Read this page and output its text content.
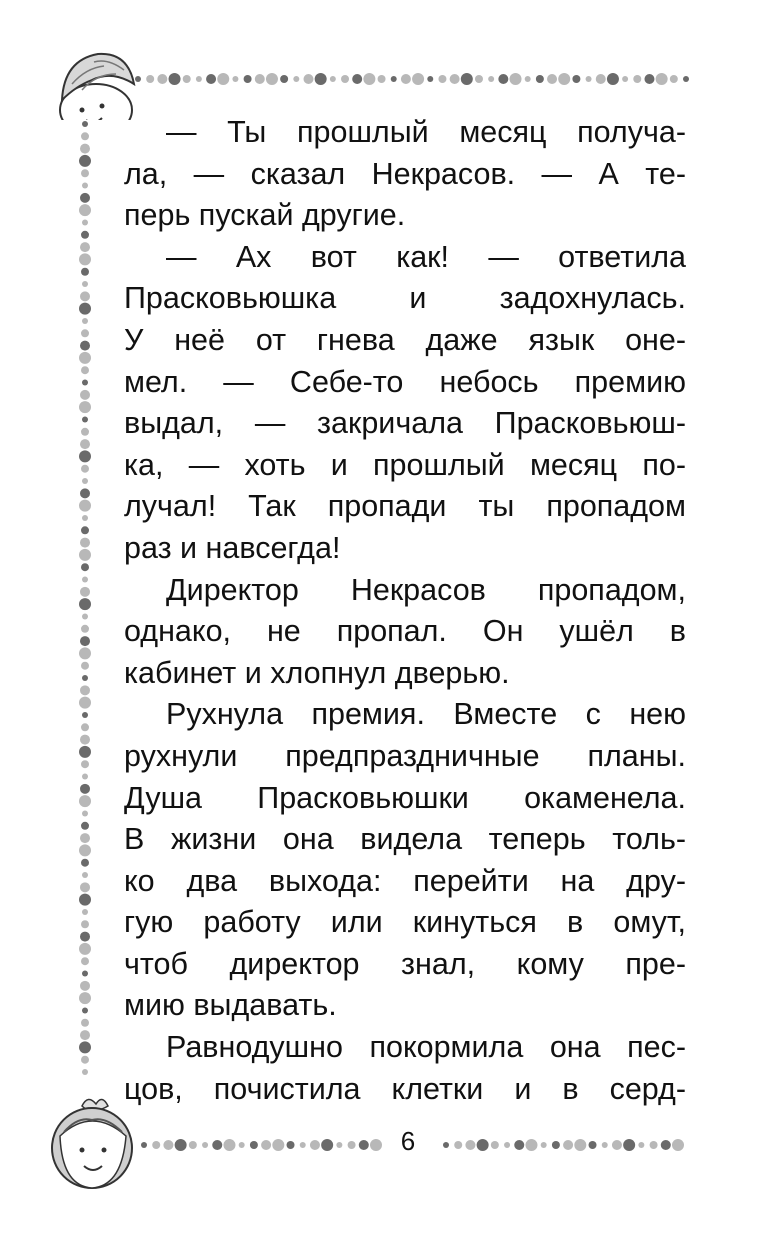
— Ты прошлый месяц получа-
ла, — сказал Некрасов. — А те-
перь пускай другие.
— Ах вот как! — ответила
Прасковьюшка и задохнулась.
У неё от гнева даже язык оне-
мел. — Себе-то небось премию
выдал, — закричала Прасковьюш-
ка, — хоть и прошлый месяц по-
лучал! Так пропади ты пропадом
раз и навсегда!
Директор Некрасов пропадом,
однако, не пропал. Он ушёл в
кабинет и хлопнул дверью.
Рухнула премия. Вместе с нею
рухнули предпраздничные планы.
Душа Прасковьюшки окаменела.
В жизни она видела теперь толь-
ко два выхода: перейти на дру-
гую работу или кинуться в омут,
чтоб директор знал, кому пре-
мию выдавать.
Равнодушно покормила она пес-
цов, почистила клетки и в серд-
6
